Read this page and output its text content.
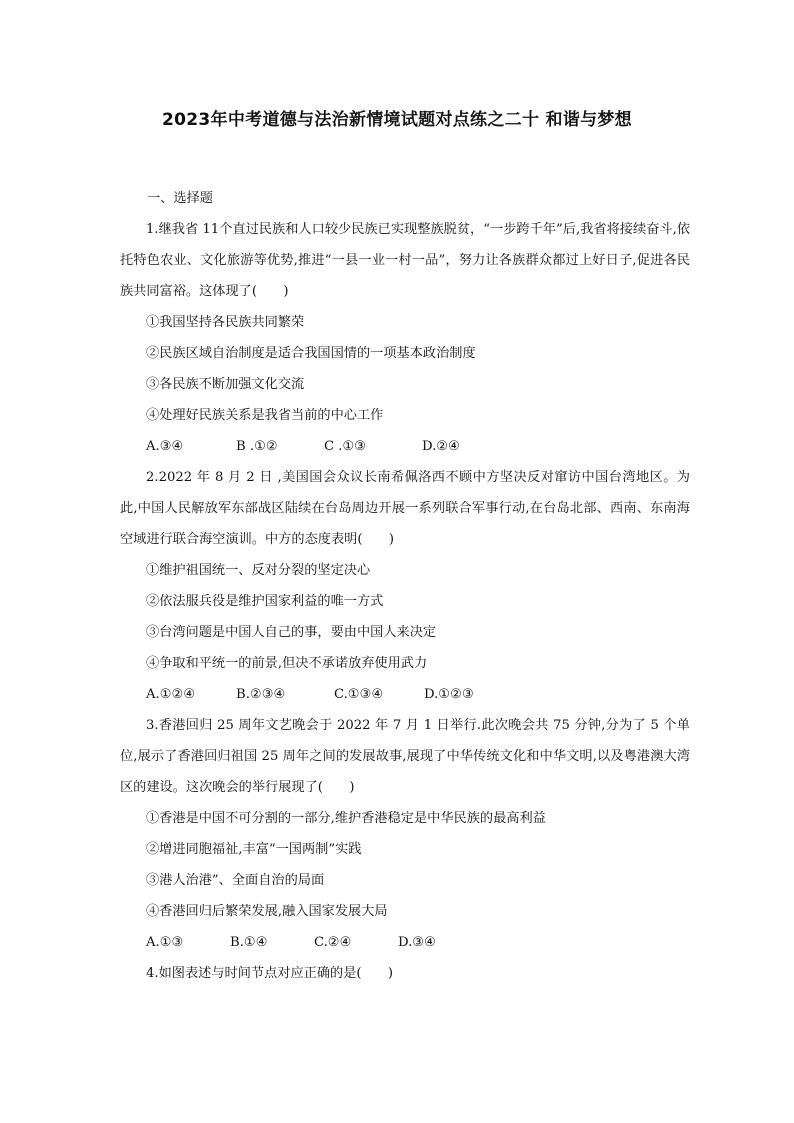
2023年中考道德与法治新情境试题对点练之二十 和谐与梦想
一、选择题

1.继我省 11个直过民族和人口较少民族已实现整族脱贫，“一步跨千年”后,我省将接续奋斗,依托特色农业、文化旅游等优势,推进“一县一业一村一品”，努力让各族群众都过上好日子,促进各民族共同富裕。这体现了(　　)

①我国坚持各民族共同繁荣

②民族区域自治制度是适合我国国情的一项基本政治制度

③各民族不断加强文化交流

④处理好民族关系是我省当前的中心工作

A.③④	B .①②	C .①③	D.②④

2.2022 年 8 月 2 日 ,美国国会众议长南希佩洛西不顾中方坚决反对窜访中国台湾地区。为此,中国人民解放军东部战区陆续在台岛周边开展一系列联合军事行动,在台岛北部、西南、东南海空域进行联合海空演训。中方的态度表明(　　)

①维护祖国统一、反对分裂的坚定决心

②依法服兵役是维护国家利益的唯一方式

③台湾问题是中国人自己的事，要由中国人来决定

④争取和平统一的前景,但决不承诺放弃使用武力

A.①②④	B.②③④	C.①③④	D.①②③

3.香港回归 25 周年文艺晚会于 2022 年 7 月 1 日举行.此次晚会共 75 分钟,分为了 5 个单位,展示了香港回归祖国 25 周年之间的发展故事,展现了中华传统文化和中华文明,以及粤港澳大湾区的建设。这次晚会的举行展现了(　　)

①香港是中国不可分割的一部分,维护香港稳定是中华民族的最高利益

②增进同胞福祉,丰富“一国两制”实践

③港人治港”、全面自治的局面

④香港回归后繁荣发展,融入国家发展大局

A.①③	B.①④	C.②④	D.③④

4.如图表述与时间节点对应正确的是(　　)
